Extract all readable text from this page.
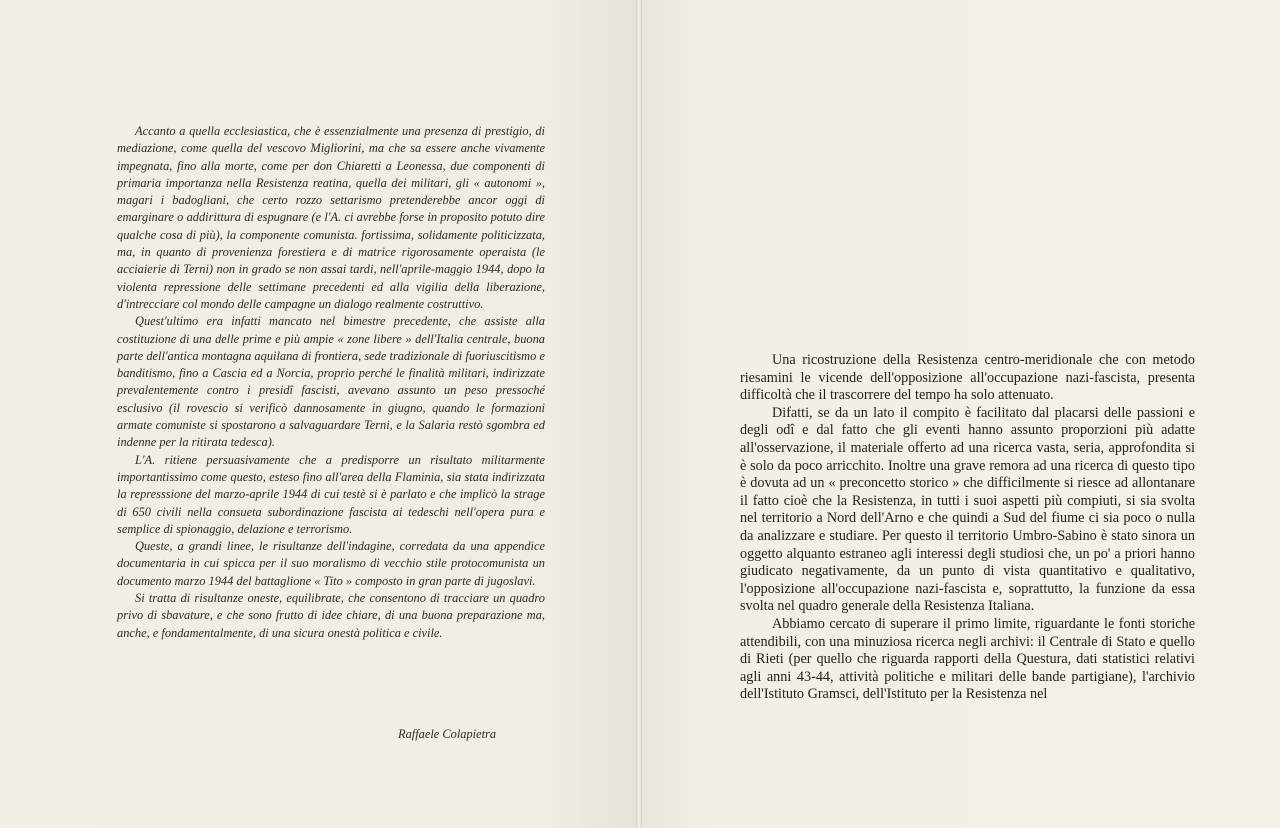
Accanto a quella ecclesiastica, che è essenzialmente una presenza di prestigio, di mediazione, come quella del vescovo Migliorini, ma che sa essere anche vivamente impegnata, fino alla morte, come per don Chiaretti a Leonessa, due componenti di primaria importanza nella Resistenza reatina, quella dei militari, gli « autonomi », magari i badogliani, che certo rozzo settarismo pretenderebbe ancor oggi di emarginare o addirittura di espugnare (e l'A. ci avrebbe forse in proposito potuto dire qualche cosa di più), la componente comunista. fortissima, solidamente politicizzata, ma, in quanto di provenienza forestiera e di matrice rigorosamente operaista (le acciaierie di Terni) non in grado se non assai tardi, nell'aprile-maggio 1944, dopo la violenta repressione delle settimane precedenti ed alla vigilia della liberazione, d'intrecciare col mondo delle campagne un dialogo realmente costruttivo.

Quest'ultimo era infatti mancato nel bimestre precedente, che assiste alla costituzione di una delle prime e più ampie « zone libere » dell'Italia centrale, buona parte dell'antica montagna aquilana di frontiera, sede tradizionale di fuoriuscitismo e banditismo, fino a Cascia ed a Norcia, proprio perché le finalità militari, indirizzate prevalentemente contro i presidî fascisti, avevano assunto un peso pressoché esclusivo (il rovescio si verificò dannosamente in giugno, quando le formazioni armate comuniste si spostarono a salvaguardare Terni, e la Salaria restò sgombra ed indenne per la ritirata tedesca).

L'A. ritiene persuasivamente che a predisporre un risultato militarmente importantissimo come questo, esteso fino all'area della Flaminia, sia stata indirizzata la represssione del marzo-aprile 1944 di cui testè si è parlato e che implicò la strage di 650 civili nella consueta subordinazione fascista ai tedeschi nell'opera pura e semplice di spionaggio, delazione e terrorismo.

Queste, a grandi linee, le risultanze dell'indagine, corredata da una appendice documentaria in cui spicca per il suo moralismo di vecchio stile protocomunista un documento marzo 1944 del battaglione « Tito » composto in gran parte di jugoslavi.

Si tratta di risultanze oneste, equilibrate, che consentono di tracciare un quadro privo di sbavature, e che sono frutto di idee chiare, di una buona preparazione ma, anche, e fondamentalmente, di una sicura onestà politica e civile.

Raffaele Colapietra

Una ricostruzione della Resistenza centro-meridionale che con metodo riesamini le vicende dell'opposizione all'occupazione nazi-fascista, presenta difficoltà che il trascorrere del tempo ha solo attenuato.

Difatti, se da un lato il compito è facilitato dal placarsi delle passioni e degli odî e dal fatto che gli eventi hanno assunto proporzioni più adatte all'osservazione, il materiale offerto ad una ricerca vasta, seria, approfondita si è solo da poco arricchito. Inoltre una grave remora ad una ricerca di questo tipo è dovuta ad un « preconcetto storico » che difficilmente si riesce ad allontanare il fatto cioè che la Resistenza, in tutti i suoi aspetti più compiuti, si sia svolta nel territorio a Nord dell'Arno e che quindi a Sud del fiume ci sia poco o nulla da analizzare e studiare. Per questo il territorio Umbro-Sabino è stato sinora un oggetto alquanto estraneo agli interessi degli studiosi che, un po' a priori hanno giudicato negativamente, da un punto di vista quantitativo e qualitativo, l'opposizione all'occupazione nazi-fascista e, soprattutto, la funzione da essa svolta nel quadro generale della Resistenza Italiana.

Abbiamo cercato di superare il primo limite, riguardante le fonti storiche attendibili, con una minuziosa ricerca negli archivi: il Centrale di Stato e quello di Rieti (per quello che riguarda rapporti della Questura, dati statistici relativi agli anni 43-44, attività politiche e militari delle bande partigiane), l'archivio dell'Istituto Gramsci, dell'Istituto per la Resistenza nel
